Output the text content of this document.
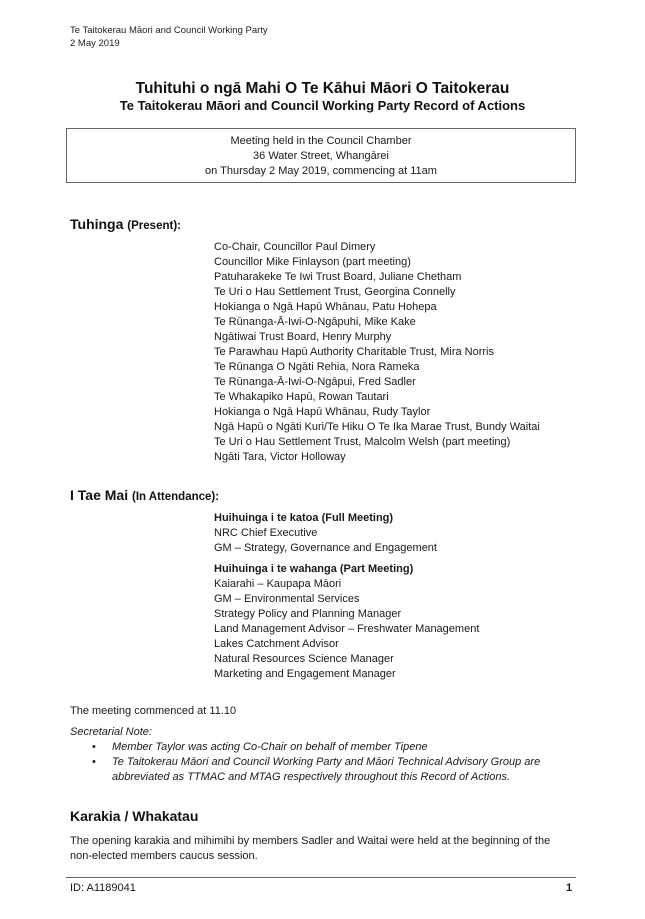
Te Taitokerau Māori and Council Working Party
2 May 2019
Tuhituhi o ngā Mahi O Te Kāhui Māori O Taitokerau
Te Taitokerau Māori and Council Working Party Record of Actions
Meeting held in the Council Chamber
36 Water Street, Whangārei
on Thursday 2 May 2019, commencing at 11am
Tuhinga (Present):
Co-Chair, Councillor Paul Dimery
Councillor Mike Finlayson (part meeting)
Patuharakeke Te Iwi Trust Board, Juliane Chetham
Te Uri o Hau Settlement Trust, Georgina Connelly
Hokianga o Ngā Hapū Whānau, Patu Hohepa
Te Rūnanga-Ā-Iwi-O-Ngāpuhi, Mike Kake
Ngātiwai Trust Board, Henry Murphy
Te Parawhau Hapū Authority Charitable Trust, Mira Norris
Te Rūnanga O Ngāti Rehia, Nora Rameka
Te Rūnanga-Ā-Iwi-O-Ngāpui, Fred Sadler
Te Whakapiko Hapū, Rowan Tautari
Hokianga o Ngā Hapū Whānau, Rudy Taylor
Ngā Hapū o Ngāti Kuri/Te Hiku O Te Ika Marae Trust, Bundy Waitai
Te Uri o Hau Settlement Trust, Malcolm Welsh (part meeting)
Ngāti Tara, Victor Holloway
I Tae Mai (In Attendance):
Huihuinga i te katoa (Full Meeting)
NRC Chief Executive
GM – Strategy, Governance and Engagement
Huihuinga i te wahanga (Part Meeting)
Kaiarahi – Kaupapa Māori
GM – Environmental Services
Strategy Policy and Planning Manager
Land Management Advisor – Freshwater Management
Lakes Catchment Advisor
Natural Resources Science Manager
Marketing and Engagement Manager
The meeting commenced at 11.10
Secretarial Note:
• Member Taylor was acting Co-Chair on behalf of member Tipene
• Te Taitokerau Māori and Council Working Party and Māori Technical Advisory Group are abbreviated as TTMAC and MTAG respectively throughout this Record of Actions.
Karakia / Whakatau
The opening karakia and mihimihi by members Sadler and Waitai were held at the beginning of the non-elected members caucus session.
ID: A1189041	1
